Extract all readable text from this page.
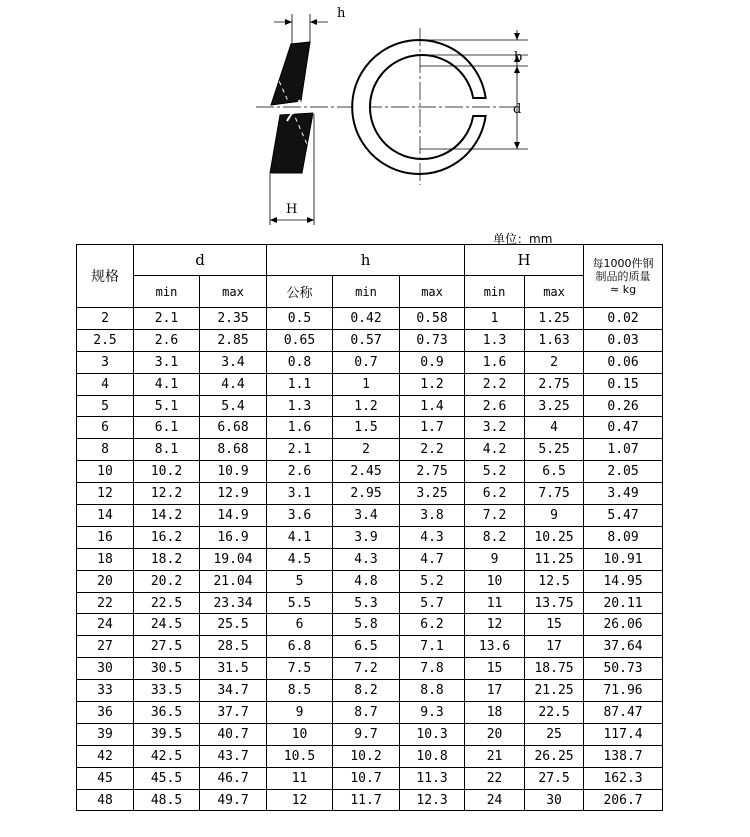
h
H
b
d
单位：mm
规格	d		h			H		每1000件钢
制品的质量
≈ kg
	min	max	公称	min	max	min	max	
2	2.1	2.35	0.5	0.42	0.58	1	1.25	0.02
2.5	2.6	2.85	0.65	0.57	0.73	1.3	1.63	0.03
3	3.1	3.4	0.8	0.7	0.9	1.6	2	0.06
4	4.1	4.4	1.1	1	1.2	2.2	2.75	0.15
5	5.1	5.4	1.3	1.2	1.4	2.6	3.25	0.26
6	6.1	6.68	1.6	1.5	1.7	3.2	4	0.47
8	8.1	8.68	2.1	2	2.2	4.2	5.25	1.07
10	10.2	10.9	2.6	2.45	2.75	5.2	6.5	2.05
12	12.2	12.9	3.1	2.95	3.25	6.2	7.75	3.49
14	14.2	14.9	3.6	3.4	3.8	7.2	9	5.47
16	16.2	16.9	4.1	3.9	4.3	8.2	10.25	8.09
18	18.2	19.04	4.5	4.3	4.7	9	11.25	10.91
20	20.2	21.04	5	4.8	5.2	10	12.5	14.95
22	22.5	23.34	5.5	5.3	5.7	11	13.75	20.11
24	24.5	25.5	6	5.8	6.2	12	15	26.06
27	27.5	28.5	6.8	6.5	7.1	13.6	17	37.64
30	30.5	31.5	7.5	7.2	7.8	15	18.75	50.73
33	33.5	34.7	8.5	8.2	8.8	17	21.25	71.96
36	36.5	37.7	9	8.7	9.3	18	22.5	87.47
39	39.5	40.7	10	9.7	10.3	20	25	117.4
42	42.5	43.7	10.5	10.2	10.8	21	26.25	138.7
45	45.5	46.7	11	10.7	11.3	22	27.5	162.3
48	48.5	49.7	12	11.7	12.3	24	30	206.7
